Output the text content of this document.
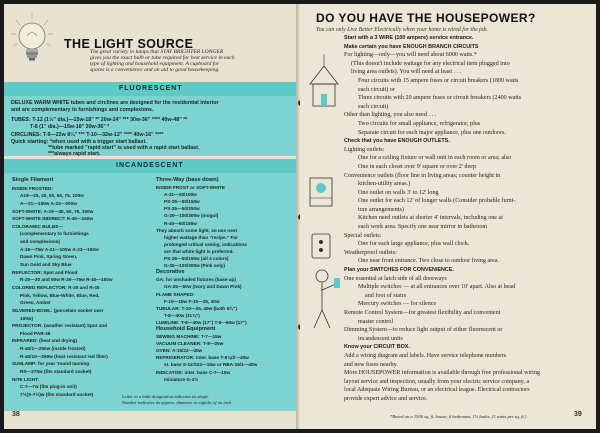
THE LIGHT SOURCE
The great variety in lamps that STAY BRIGHTER LONGER
gives you the exact bulb or tube required for best service in each
type of lighting and household equipment. A cupboard for
spares is a convenience and an aid to good housekeeping.
FLUORESCENT
DELUXE WARM WHITE tubes and circlines are designed for the residential interior
and are complementary to furnishings and complexions.
TUBES: T-12 (1½" dia.)—15w-18" ** 20w-24" *** 30w-36" **** 40w-48" **
T-8 (1" dia.)—15w-18" 30w-36" *
CIRCLINES: T-9—22w 8¼" *** T-10—32w-12" **** 40w-16" ****
Quick starting: *when used with a trigger start ballast.
**tube marked "rapid start" is used with a rapid start ballast.
***always rapid start.
INCANDESCENT
Single Filament
INSIDE FROSTED:
A19—25, 40, 50, 60, 75, 100w
A—21—150w A-23—200w
SOFT-WHITE: A-19—40, 60, 75, 100w
SOFT-WHITE INDIRECT: R-40—150w
COLORAMIC BULBS—
(complementary to furnishings
and complexions)
A-19—75w A-21—100w A-23—150w
Dawn Pink, Spring Green,
Sun Gold and Sky Blue
REFLECTOR: Spot and Flood
R-20—30 and 50w R-30—75w R-40—150w
COLORED REFLECTOR: R-30 and R-40
Pink, Yellow, Blue-White, Blue, Red,
Green, Amber
SILVERED-BOWL: (porcelain socket over
100w)
PROJECTOR: (weather resistant) Spot and
Flood PAR-38
INFRARED: (heat and drying)
R-40/1—250w (inside frosted)
R-40/10—250w (heat resistant red filter)
SUNLAMP: for year 'round tanning
RS—275w (fits standard socket)
NITE LIGHT:
C-7—7w (fits plug-in unit)
7½(S-7½)w (fits standard socket)
Three-Way (base down)
INSIDE FROST or SOFT-WHITE
A-21—30/100w
PS-25—50/150w
PS-25—50/250w
G-30—100/300w (mogul)
R-40—50/150w
They absorb some light, so use next
higher wattage than "recipe." For
prolonged critical seeing, indications
are that white light is preferred.
PS-25—50/150w (all 4 colors)
G-30—100/300w (Pink only)
Decorative
GA: for unshaded fixtures (base up)
GA-25—50w (Ivory and Dawn Pink)
FLAME SHAPED:
F-10—15w F-15—25, 40w
TUBULAR: T-10—25, 40w (both 5¾")
T-8—40w (11⅞")
LUMILINE: T-8—40w (17") T-8—60w (17")
Household Equipment
SEWING MACHINE: T-7—15w
VACUUM CLEANER: T-8—25w
OVEN: A-15/22—40w
REFRIGERATOR: inter. base T-6⅛/Z—40w
st. base S-11/S22—15w or RBA-15/1—40w
INDICATOR: inter. base C-7—10w
miniature G-3½
Letter in a bulb designation indicates its shape.
Number indicates its approx. diameter in eighths of an inch.
38
DO YOU HAVE THE HOUSEPOWER?
You can only Live Better Electrically when your home is wired for the job.
Start with a 3 WIRE (100 ampere) service entrance.
Make certain you have ENOUGH BRANCH CIRCUITS
For lighting—only—you will need about 6000 watts.*
(This doesn't include wattage for any electrical item plugged into
living area outlets). You will need at least . . .
Four circuits with 15 ampere fuses or circuit breakers (1800 watts
each circuit) or
Three circuits with 20 ampere fuses or circuit breakers (2400 watts
each circuit)
Other than lighting, you also need . . .
Two circuits for small appliance, refrigerator, plus
Separate circuit for each major appliance, plus one outdoors.
Check that you have ENOUGH OUTLETS.
Lighting outlets:
One for a ceiling fixture or wall unit in each room or area; also
One in each closet over 9' square or over 2' deep
Convenience outlets (floor line in living areas; counter height in
kitchen-utility areas.)
One outlet on walls 3' to 12' long
One outlet for each 12' of longer walls (Consider probable furni-
ture arrangements)
Kitchen need outlets at shorter 4' intervals, including one at
each work area. Specify one near mirror in bathroom
Special outlets:
One for each large appliance, plus wall clock.
Weatherproof outlets:
One near front entrance. Two close to outdoor living area.
Plan your SWITCHES FOR CONVENIENCE.
One essential at latch side of all doorways
Multiple switches — at all entrances over 10' apart. Also at head
and foot of stairs
Mercury switches — for silence
Remote Control System—for greatest flexibility and convenient
master control
Dimming System—to reduce light output of either fluorescent or
incandescent units
Know your CIRCUIT BOX.
Add a wiring diagram and labels. Have service telephone numbers
and new fuses nearby.
More HOUSEPOWER information is available through free professional wiring
layout service and inspection, usually from your electric service company, a
local Adequate Wiring Bureau, or an electrical league. Electrical contractors
provide expert advice and service.
*Based on a 1500 sq. ft. house; 6 bedrooms, 1½ baths. (3 watts per sq. ft.)	39
